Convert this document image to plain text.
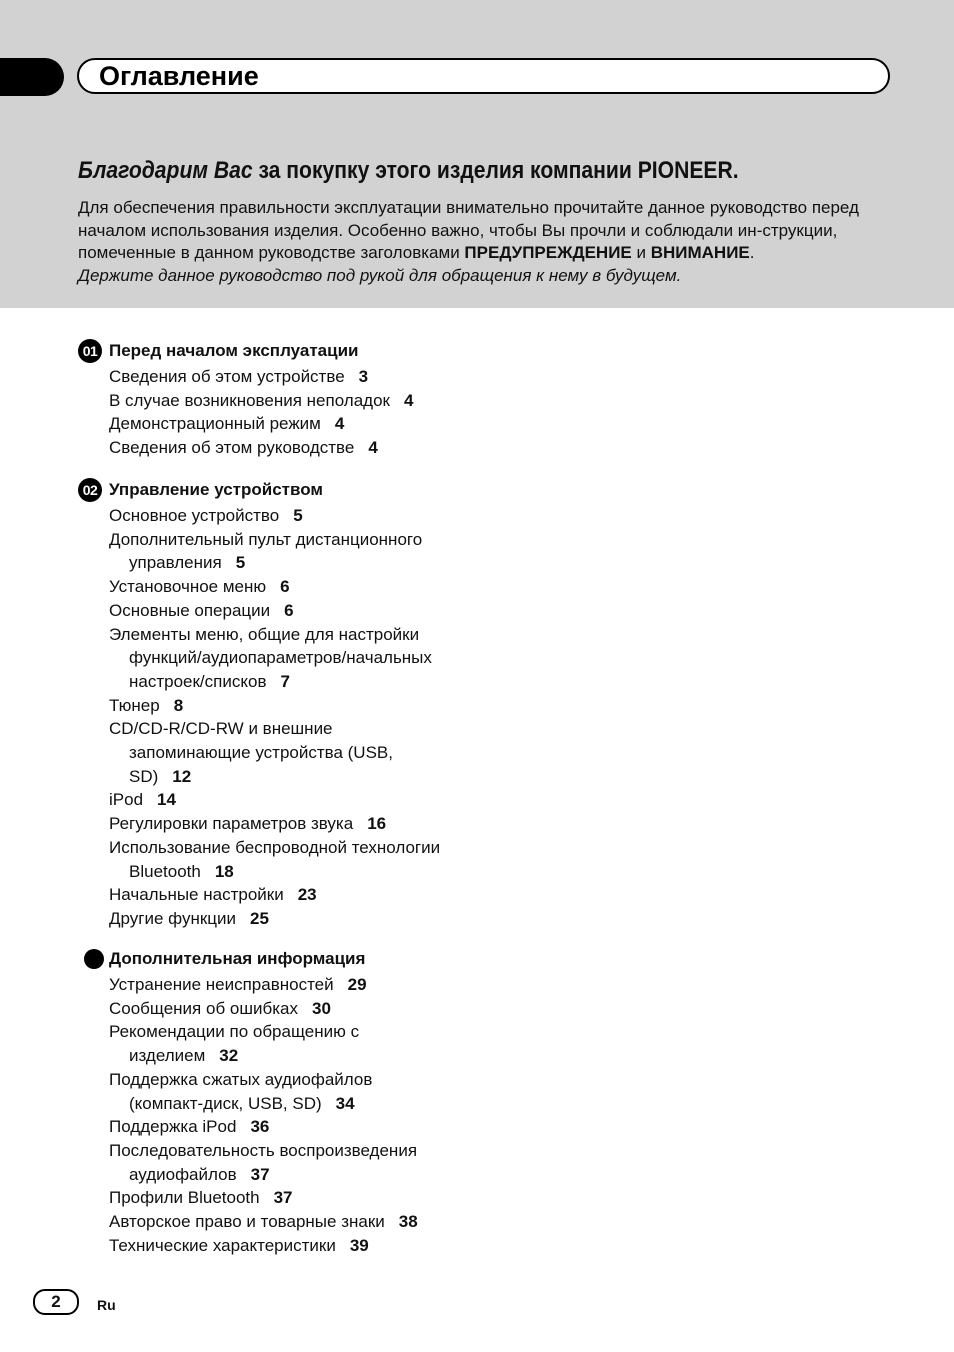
Оглавление
Благодарим Вас за покупку этого изделия компании PIONEER.

Для обеспечения правильности эксплуатации внимательно прочитайте данное руководство перед началом использования изделия. Особенно важно, чтобы Вы прочли и соблюдали ин-струкции, помеченные в данном руководстве заголовками ПРЕДУПРЕЖДЕНИЕ и ВНИМАНИЕ.

Держите данное руководство под рукой для обращения к нему в будущем.

01 Перед началом эксплуатации
Сведения об этом устройстве 3
В случае возникновения неполадок 4
Демонстрационный режим 4
Сведения об этом руководстве 4
02 Управление устройством
Основное устройство 5
Дополнительный пульт дистанционного
управления 5
Установочное меню 6
Основные операции 6
Элементы меню, общие для настройки
функций/аудиопараметров/начальных
настроек/списков 7
Тюнер 8
CD/CD-R/CD-RW и внешние
запоминающие устройства (USB,
SD) 12
iPod 14
Регулировки параметров звука 16
Использование беспроводной технологии
Bluetooth 18
Начальные настройки 23
Другие функции 25
Дополнительная информация
Устранение неисправностей 29
Сообщения об ошибках 30
Рекомендации по обращению с
изделием 32
Поддержка сжатых аудиофайлов
(компакт-диск, USB, SD) 34
Поддержка iPod 36
Последовательность воспроизведения
аудиофайлов 37
Профили Bluetooth 37
Авторское право и товарные знаки 38
Технические характеристики 39
2	Ru
